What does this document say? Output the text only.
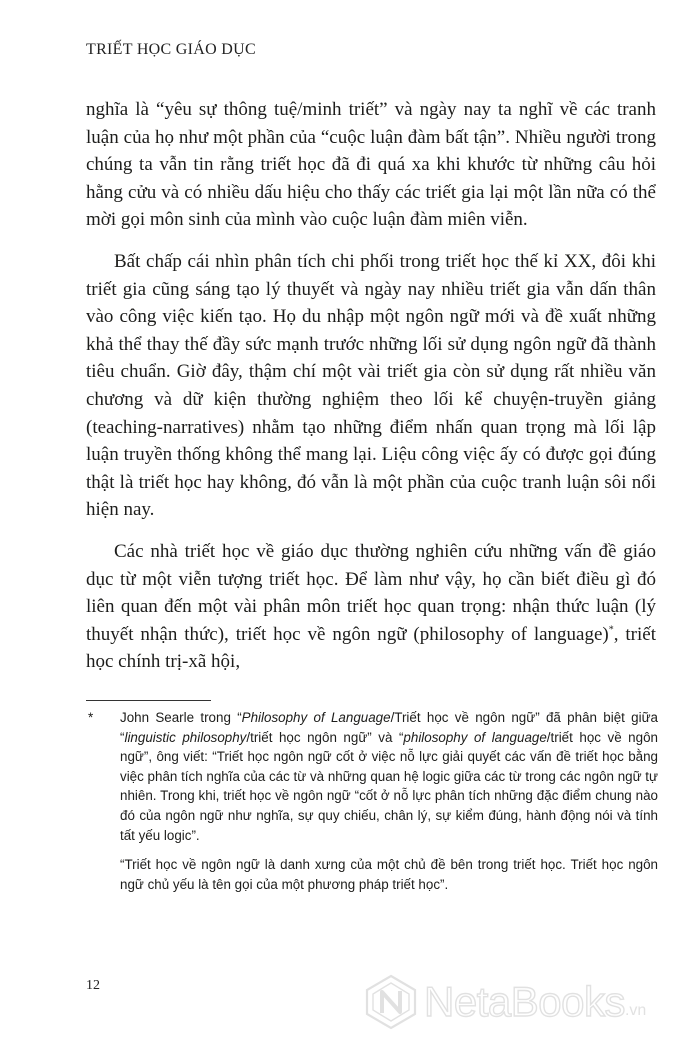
TRIẾT HỌC GIÁO DỤC

nghĩa là “yêu sự thông tuệ/minh triết” và ngày nay ta nghĩ về các tranh luận của họ như một phần của “cuộc luận đàm bất tận”. Nhiều người trong chúng ta vẫn tin rằng triết học đã đi quá xa khi khước từ những câu hỏi hằng cửu và có nhiều dấu hiệu cho thấy các triết gia lại một lần nữa có thể mời gọi môn sinh của mình vào cuộc luận đàm miên viễn.

Bất chấp cái nhìn phân tích chi phối trong triết học thế kỉ XX, đôi khi triết gia cũng sáng tạo lý thuyết và ngày nay nhiều triết gia vẫn dấn thân vào công việc kiến tạo. Họ du nhập một ngôn ngữ mới và đề xuất những khả thể thay thế đầy sức mạnh trước những lối sử dụng ngôn ngữ đã thành tiêu chuẩn. Giờ đây, thậm chí một vài triết gia còn sử dụng rất nhiều văn chương và dữ kiện thường nghiệm theo lối kể chuyện-truyền giảng (teaching-narratives) nhằm tạo những điểm nhấn quan trọng mà lối lập luận truyền thống không thể mang lại. Liệu công việc ấy có được gọi đúng thật là triết học hay không, đó vẫn là một phần của cuộc tranh luận sôi nổi hiện nay.

Các nhà triết học về giáo dục thường nghiên cứu những vấn đề giáo dục từ một viễn tượng triết học. Để làm như vậy, họ cần biết điều gì đó liên quan đến một vài phân môn triết học quan trọng: nhận thức luận (lý thuyết nhận thức), triết học về ngôn ngữ (philosophy of language)*, triết học chính trị-xã hội,

*	John Searle trong “Philosophy of Language/Triết học về ngôn ngữ” đã phân biệt giữa “linguistic philosophy/triết học ngôn ngữ” và “philosophy of language/triết học về ngôn ngữ”, ông viết: “Triết học ngôn ngữ cốt ở việc nỗ lực giải quyết các vấn đề triết học bằng việc phân tích nghĩa của các từ và những quan hệ logic giữa các từ trong các ngôn ngữ tự nhiên. Trong khi, triết học về ngôn ngữ “cốt ở nỗ lực phân tích những đặc điểm chung nào đó của ngôn ngữ như nghĩa, sự quy chiếu, chân lý, sự kiểm đúng, hành động nói và tính tất yếu logic”.

“Triết học về ngôn ngữ là danh xưng của một chủ đề bên trong triết học. Triết học ngôn ngữ chủ yếu là tên gọi của một phương pháp triết học”.

12	NetaBooks .vn
